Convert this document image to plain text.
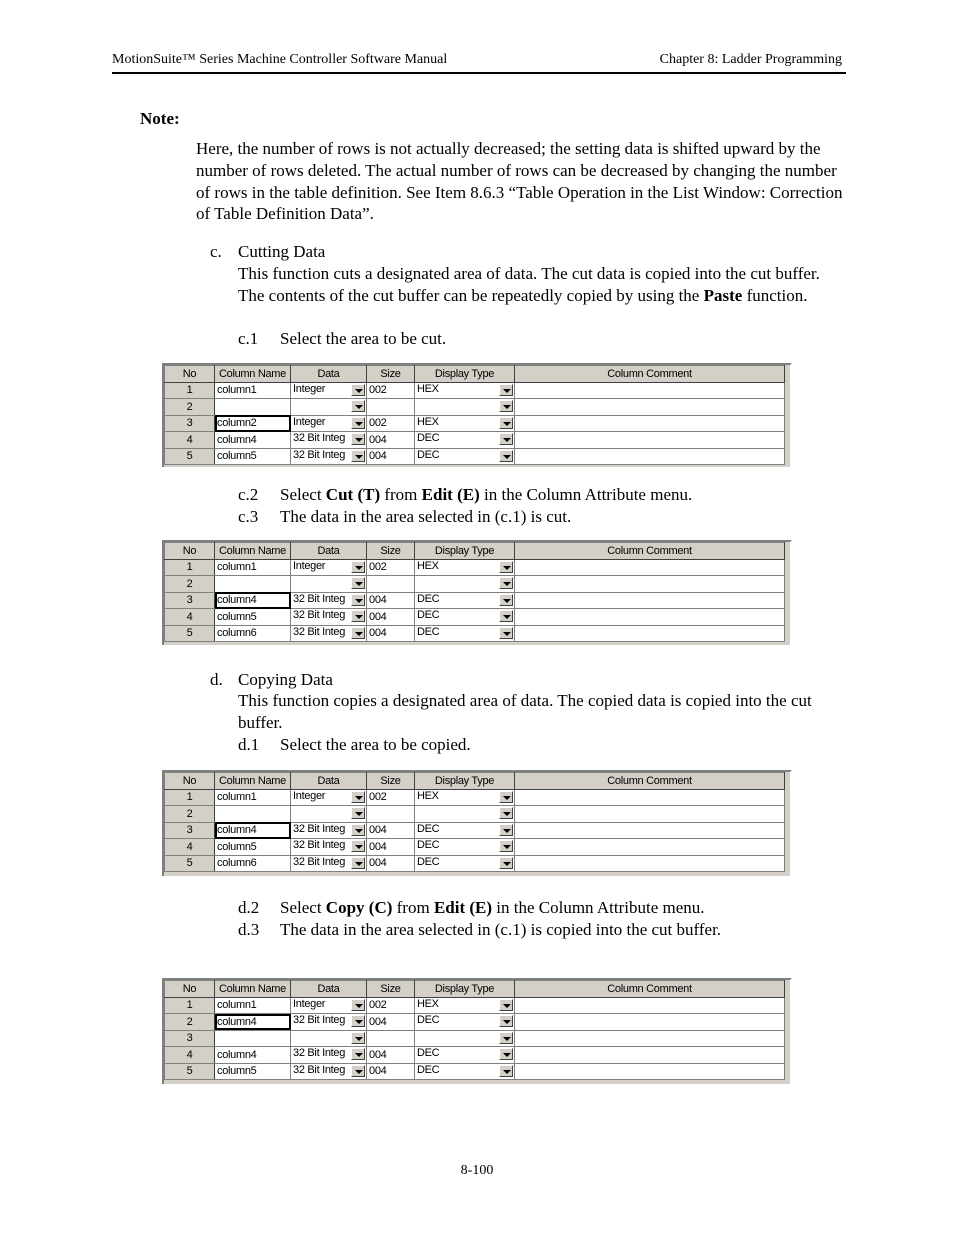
MotionSuite™ Series Machine Controller Software Manual	Chapter 8: Ladder Programming
Note:
Here, the number of rows is not actually decreased; the setting data is shifted upward by the number of rows deleted. The actual number of rows can be decreased by changing the number of rows in the table definition. See Item 8.6.3 “Table Operation in the List Window: Correction of Table Definition Data”.
c. Cutting Data
This function cuts a designated area of data. The cut data is copied into the cut buffer. The contents of the cut buffer can be repeatedly copied by using the Paste function.
c.1 Select the area to be cut.
No	Column Name	Data	Size	Display Type	Column Comment
1	column1	Integer	002	HEX	

2		

3	column2	Integer	002	HEX	

4	column4	32 Bit Integ	004	DEC	

5	column5	32 Bit Integ	004	DEC	

c.2 Select Cut (T) from Edit (E) in the Column Attribute menu.
c.3 The data in the area selected in (c.1) is cut.
No	Column Name	Data	Size	Display Type	Column Comment
1	column1	Integer	002	HEX	

2		

3	column4	32 Bit Integ	004	DEC	

4	column5	32 Bit Integ	004	DEC	

5	column6	32 Bit Integ	004	DEC	

d. Copying Data
This function copies a designated area of data. The copied data is copied into the cut buffer.
d.1 Select the area to be copied.
No	Column Name	Data	Size	Display Type	Column Comment
1	column1	Integer	002	HEX	

2		

3	column4	32 Bit Integ	004	DEC	

4	column5	32 Bit Integ	004	DEC	

5	column6	32 Bit Integ	004	DEC	

d.2 Select Copy (C) from Edit (E) in the Column Attribute menu.
d.3 The data in the area selected in (c.1) is copied into the cut buffer.
No	Column Name	Data	Size	Display Type	Column Comment
1	column1	Integer	002	HEX	

2	column4	32 Bit Integ	004	DEC	

3		

4	column4	32 Bit Integ	004	DEC	

5	column5	32 Bit Integ	004	DEC	

8-100
